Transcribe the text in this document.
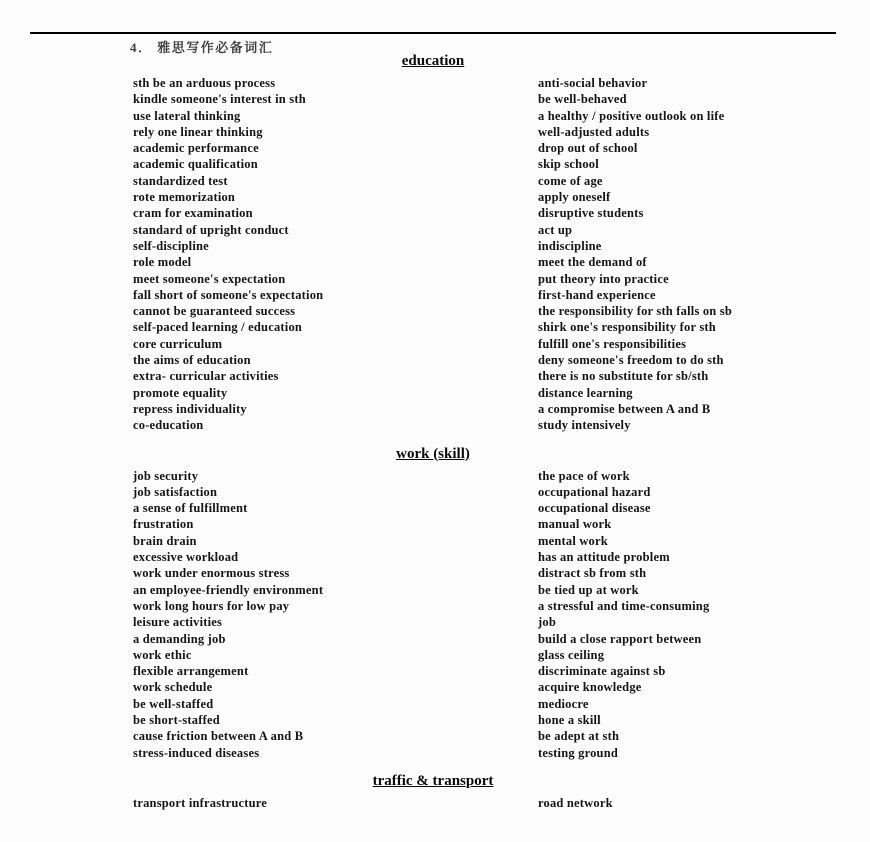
4． 雅思写作必备词汇
education
sth be an arduous process	anti-social behavior
kindle someone's interest in sth	be well-behaved
use lateral thinking	a healthy / positive outlook on life
rely one linear thinking	well-adjusted adults
academic performance	drop out of school
academic qualification	skip school
standardized test	come of age
rote memorization	apply oneself
cram for examination	disruptive students
standard of upright conduct	act up
self-discipline	indiscipline
role model	meet the demand of
meet someone's expectation	put theory into practice
fall short of someone's expectation	first-hand experience
cannot be guaranteed success	the responsibility for sth falls on sb
self-paced learning / education	shirk one's responsibility for sth
core curriculum	fulfill one's responsibilities
the aims of education	deny someone's freedom to do sth
extra- curricular activities	there is no substitute for sb/sth
promote equality	distance learning
repress individuality	a compromise between A and B
co-education	study intensively
work (skill)
job security	the pace of work
job satisfaction	occupational hazard
a sense of fulfillment	occupational disease
frustration	manual work
brain drain	mental work
excessive workload	has an attitude problem
work under enormous stress	distract sb from sth
an employee-friendly environment	be tied up at work
work long hours for low pay	a stressful and time-consuming
leisure activities	job
a demanding job	build a close rapport between
work ethic	glass ceiling
flexible arrangement	discriminate against sb
work schedule	acquire knowledge
be well-staffed	mediocre
be short-staffed	hone a skill
cause friction between A and B	be adept at sth
stress-induced diseases	testing ground
traffic & transport
transport infrastructure	road network
